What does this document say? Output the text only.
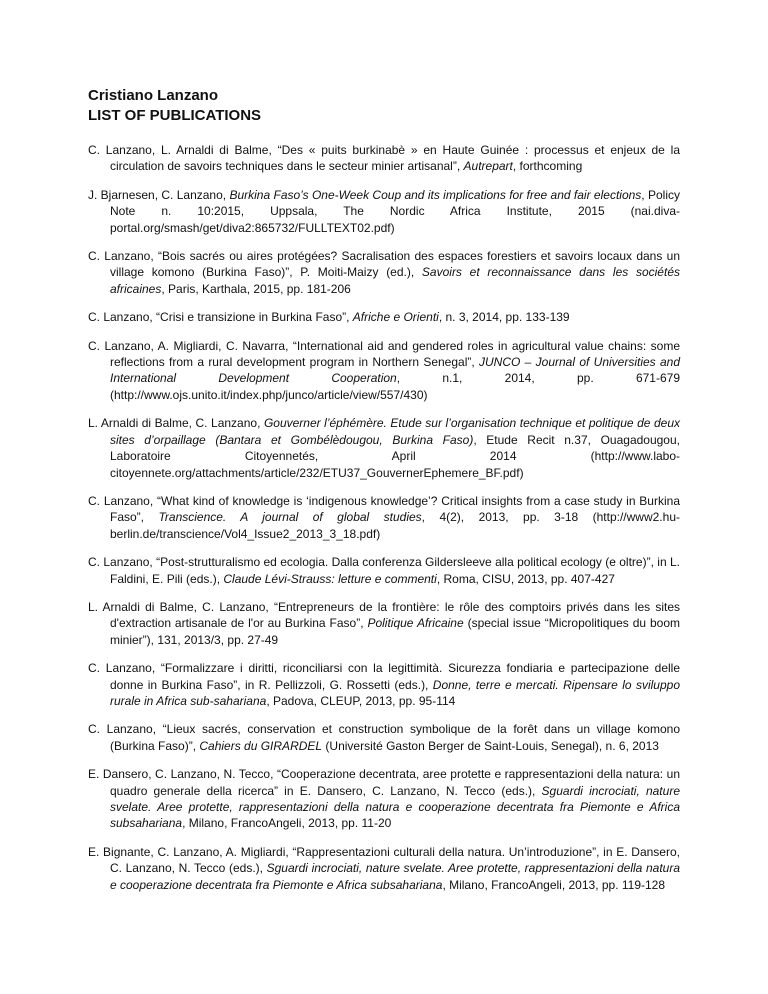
Cristiano Lanzano
LIST OF PUBLICATIONS

C. Lanzano, L. Arnaldi di Balme, “Des « puits burkinabè » en Haute Guinée : processus et enjeux de la circulation de savoirs techniques dans le secteur minier artisanal”, Autrepart, forthcoming

J. Bjarnesen, C. Lanzano, Burkina Faso’s One-Week Coup and its implications for free and fair elections, Policy Note n. 10:2015, Uppsala, The Nordic Africa Institute, 2015 (nai.diva-portal.org/smash/get/diva2:865732/FULLTEXT02.pdf)

C. Lanzano, “Bois sacrés ou aires protégées? Sacralisation des espaces forestiers et savoirs locaux dans un village komono (Burkina Faso)”, P. Moiti-Maizy (ed.), Savoirs et reconnaissance dans les sociétés africaines, Paris, Karthala, 2015, pp. 181-206

C. Lanzano, “Crisi e transizione in Burkina Faso”, Afriche e Orienti, n. 3, 2014, pp. 133-139

C. Lanzano, A. Migliardi, C. Navarra, “International aid and gendered roles in agricultural value chains: some reflections from a rural development program in Northern Senegal”, JUNCO – Journal of Universities and International Development Cooperation, n.1, 2014, pp. 671-679 (http://www.ojs.unito.it/index.php/junco/article/view/557/430)

L. Arnaldi di Balme, C. Lanzano, Gouverner l’éphémère. Etude sur l’organisation technique et politique de deux sites d’orpaillage (Bantara et Gombélèdougou, Burkina Faso), Etude Recit n.37, Ouagadougou, Laboratoire Citoyennetés, April 2014 (http://www.labo-citoyennete.org/attachments/article/232/ETU37_GouvernerEphemere_BF.pdf)

C. Lanzano, “What kind of knowledge is ‘indigenous knowledge’? Critical insights from a case study in Burkina Faso”, Transcience. A journal of global studies, 4(2), 2013, pp. 3-18 (http://www2.hu-berlin.de/transcience/Vol4_Issue2_2013_3_18.pdf)

C. Lanzano, “Post-strutturalismo ed ecologia. Dalla conferenza Gildersleeve alla political ecology (e oltre)”, in L. Faldini, E. Pili (eds.), Claude Lévi-Strauss: letture e commenti, Roma, CISU, 2013, pp. 407-427

L. Arnaldi di Balme, C. Lanzano, “Entrepreneurs de la frontière: le rôle des comptoirs privés dans les sites d'extraction artisanale de l'or au Burkina Faso”, Politique Africaine (special issue “Micropolitiques du boom minier”), 131, 2013/3, pp. 27-49

C. Lanzano, “Formalizzare i diritti, riconciliarsi con la legittimità. Sicurezza fondiaria e partecipazione delle donne in Burkina Faso”, in R. Pellizzoli, G. Rossetti (eds.), Donne, terre e mercati. Ripensare lo sviluppo rurale in Africa sub-sahariana, Padova, CLEUP, 2013, pp. 95-114

C. Lanzano, “Lieux sacrés, conservation et construction symbolique de la forêt dans un village komono (Burkina Faso)”, Cahiers du GIRARDEL (Université Gaston Berger de Saint-Louis, Senegal), n. 6, 2013

E. Dansero, C. Lanzano, N. Tecco, “Cooperazione decentrata, aree protette e rappresentazioni della natura: un quadro generale della ricerca” in E. Dansero, C. Lanzano, N. Tecco (eds.), Sguardi incrociati, nature svelate. Aree protette, rappresentazioni della natura e cooperazione decentrata fra Piemonte e Africa subsahariana, Milano, FrancoAngeli, 2013, pp. 11-20

E. Bignante, C. Lanzano, A. Migliardi, “Rappresentazioni culturali della natura. Un’introduzione”, in E. Dansero, C. Lanzano, N. Tecco (eds.), Sguardi incrociati, nature svelate. Aree protette, rappresentazioni della natura e cooperazione decentrata fra Piemonte e Africa subsahariana, Milano, FrancoAngeli, 2013, pp. 119-128
